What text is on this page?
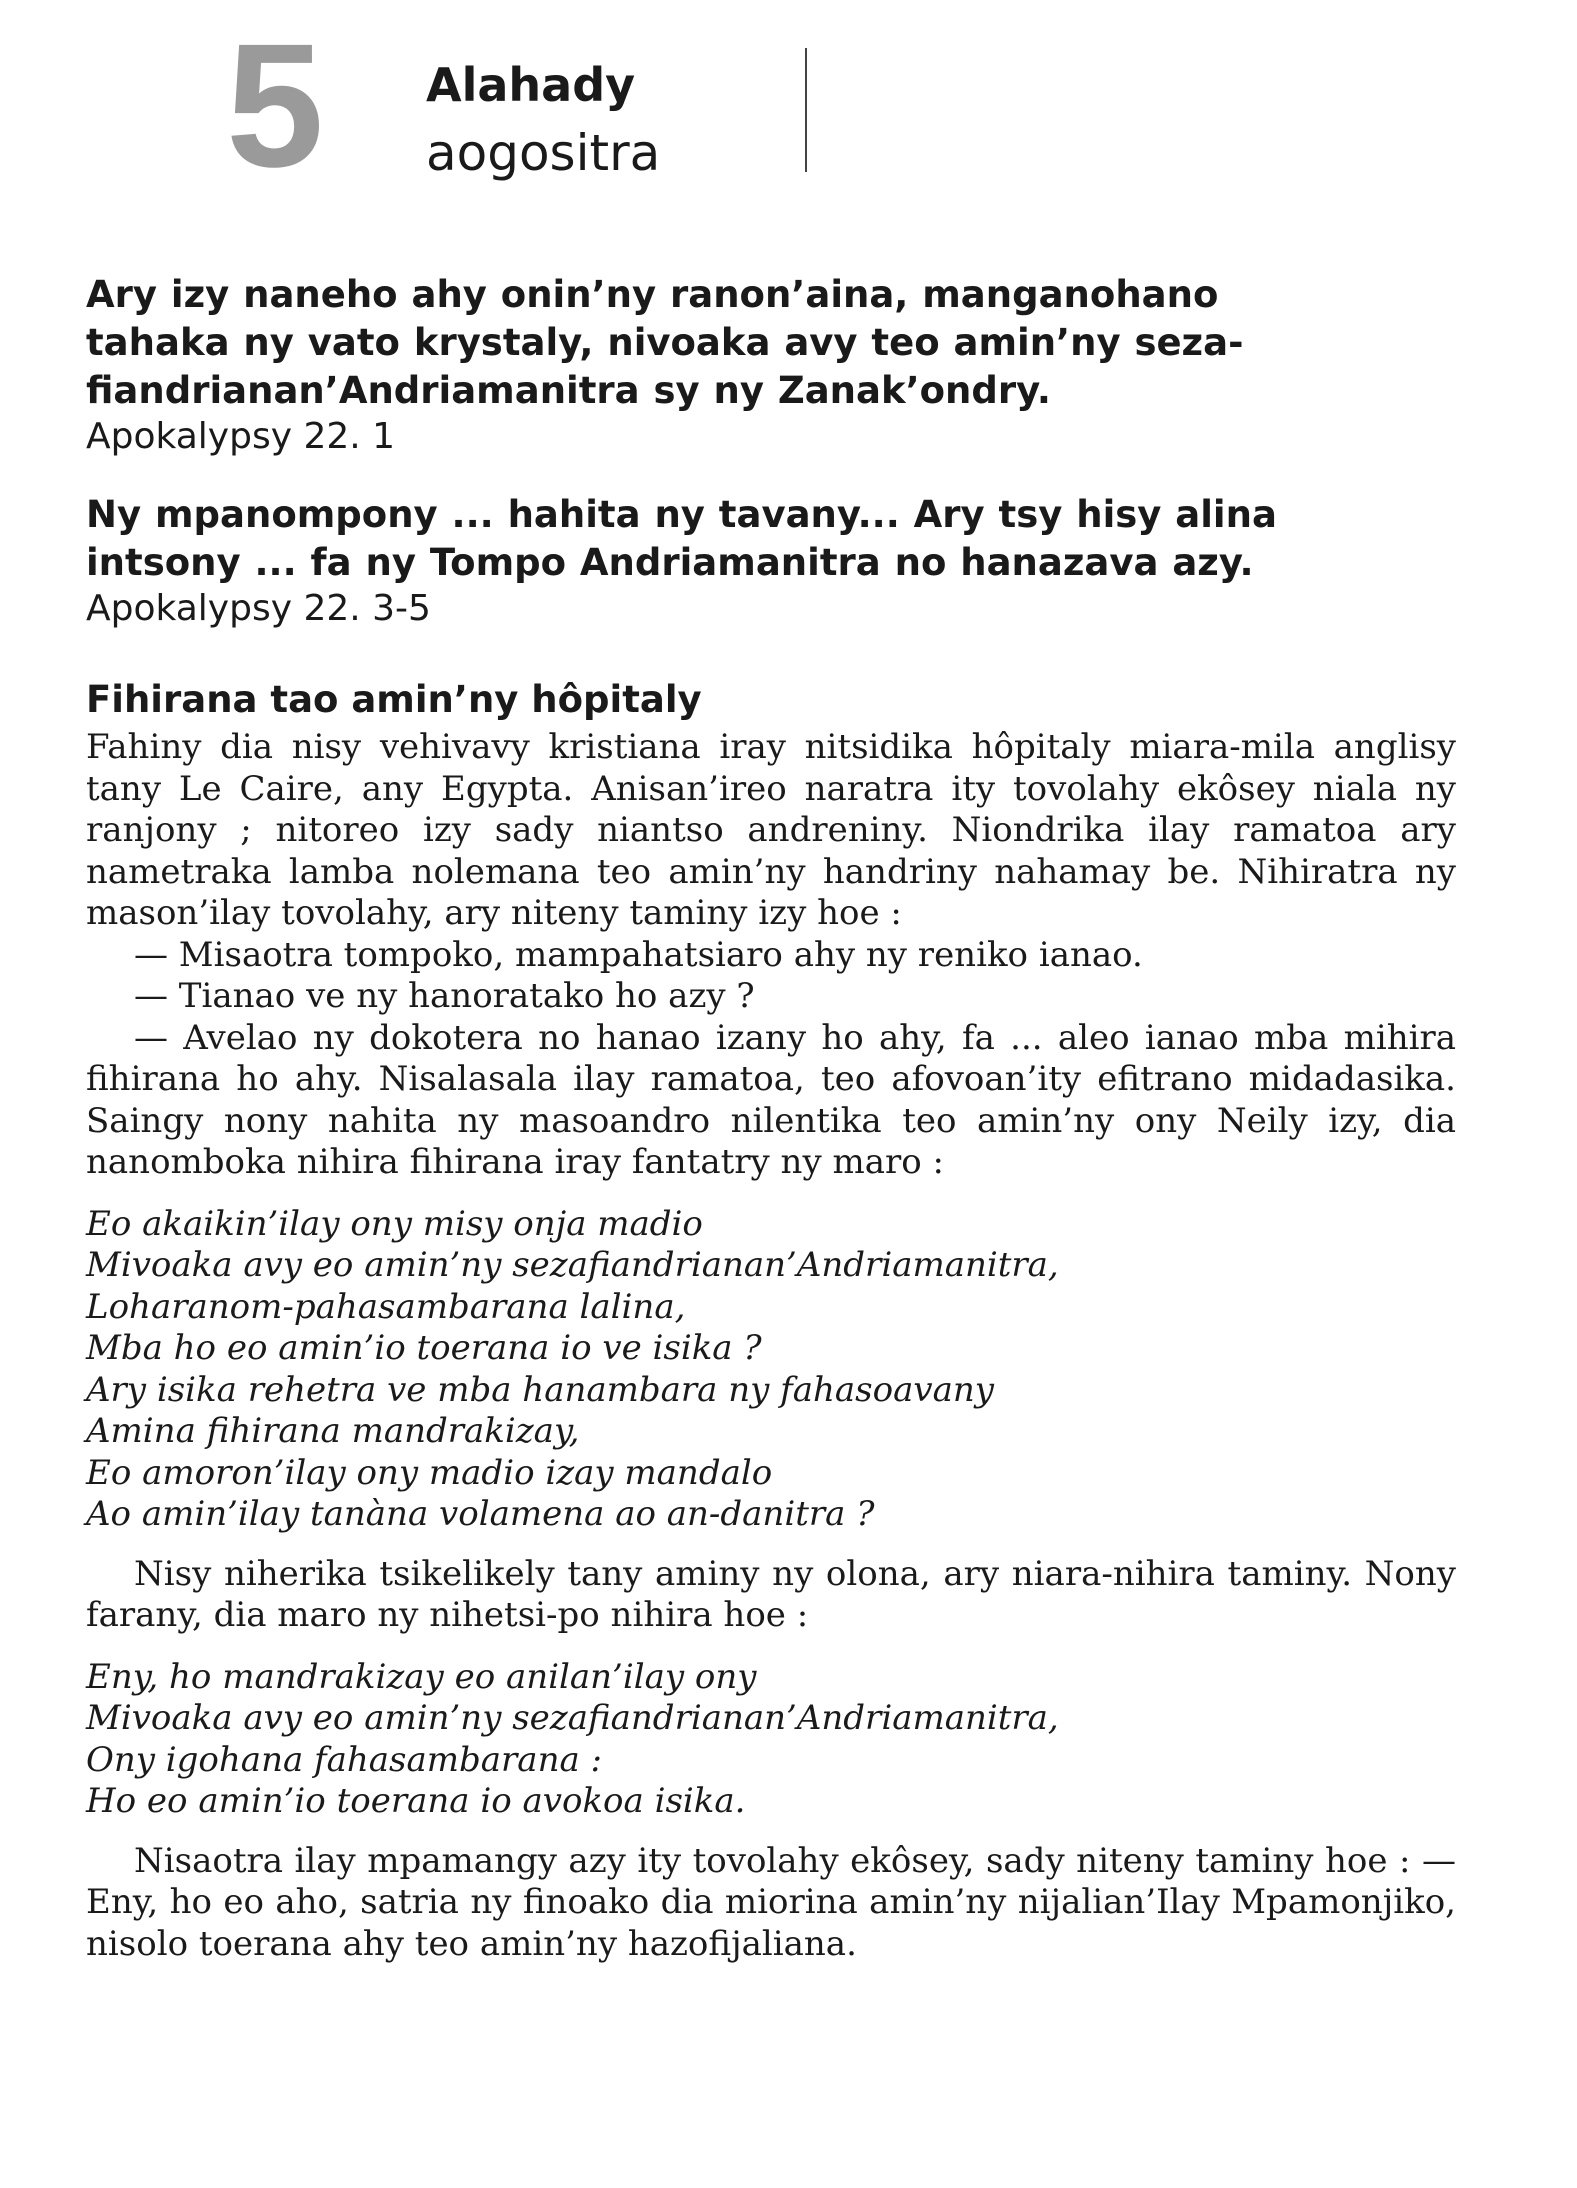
5 Alahady
aogositra

Ary izy naneho ahy onin’ny ranon’aina, manganohano
tahaka ny vato krystaly, nivoaka avy teo amin’ny seza-
fiandrianan’Andriamanitra sy ny Zanak’ondry.

Apokalypsy 22. 1

Ny mpanompony ... hahita ny tavany... Ary tsy hisy alina
intsony ... fa ny Tompo Andriamanitra no hanazava azy.

Apokalypsy 22. 3-5

Fihirana tao amin’ny hôpitaly

Fahiny dia nisy vehivavy kristiana iray nitsidika hôpitaly miara-mila anglisy tany Le Caire, any Egypta. Anisan’ireo naratra ity tovolahy ekôsey niala ny ranjony ; nitoreo izy sady niantso andreniny. Niondrika ilay ramatoa ary nametraka lamba nolemana teo amin’ny handriny nahamay be. Nihiratra ny mason’ilay tovolahy, ary niteny taminy izy hoe :

— Misaotra tompoko, mampahatsiaro ahy ny reniko ianao.

— Tianao ve ny hanoratako ho azy ?

— Avelao ny dokotera no hanao izany ho ahy, fa ... aleo ianao mba mihira fihirana ho ahy. Nisalasala ilay ramatoa, teo afovoan’ity efitrano midadasika. Saingy nony nahita ny masoandro nilentika teo amin’ny ony Neily izy, dia nanomboka nihira fihirana iray fantatry ny maro :

Eo akaikin’ilay ony misy onja madio
Mivoaka avy eo amin’ny sezafiandrianan’Andriamanitra,
Loharanom-pahasambarana lalina,
Mba ho eo amin’io toerana io ve isika ?
Ary isika rehetra ve mba hanambara ny fahasoavany
Amina fihirana mandrakizay,
Eo amoron’ilay ony madio izay mandalo
Ao amin’ilay tanàna volamena ao an-danitra ?

Nisy niherika tsikelikely tany aminy ny olona, ary niara-nihira taminy. Nony farany, dia maro ny nihetsi-po nihira hoe :

Eny, ho mandrakizay eo anilan’ilay ony
Mivoaka avy eo amin’ny sezafiandrianan’Andriamanitra,
Ony igohana fahasambarana :
Ho eo amin’io toerana io avokoa isika.

Nisaotra ilay mpamangy azy ity tovolahy ekôsey, sady niteny taminy hoe : — Eny, ho eo aho, satria ny finoako dia miorina amin’ny nijalian’Ilay Mpamonjiko, nisolo toerana ahy teo amin’ny hazofijaliana.
